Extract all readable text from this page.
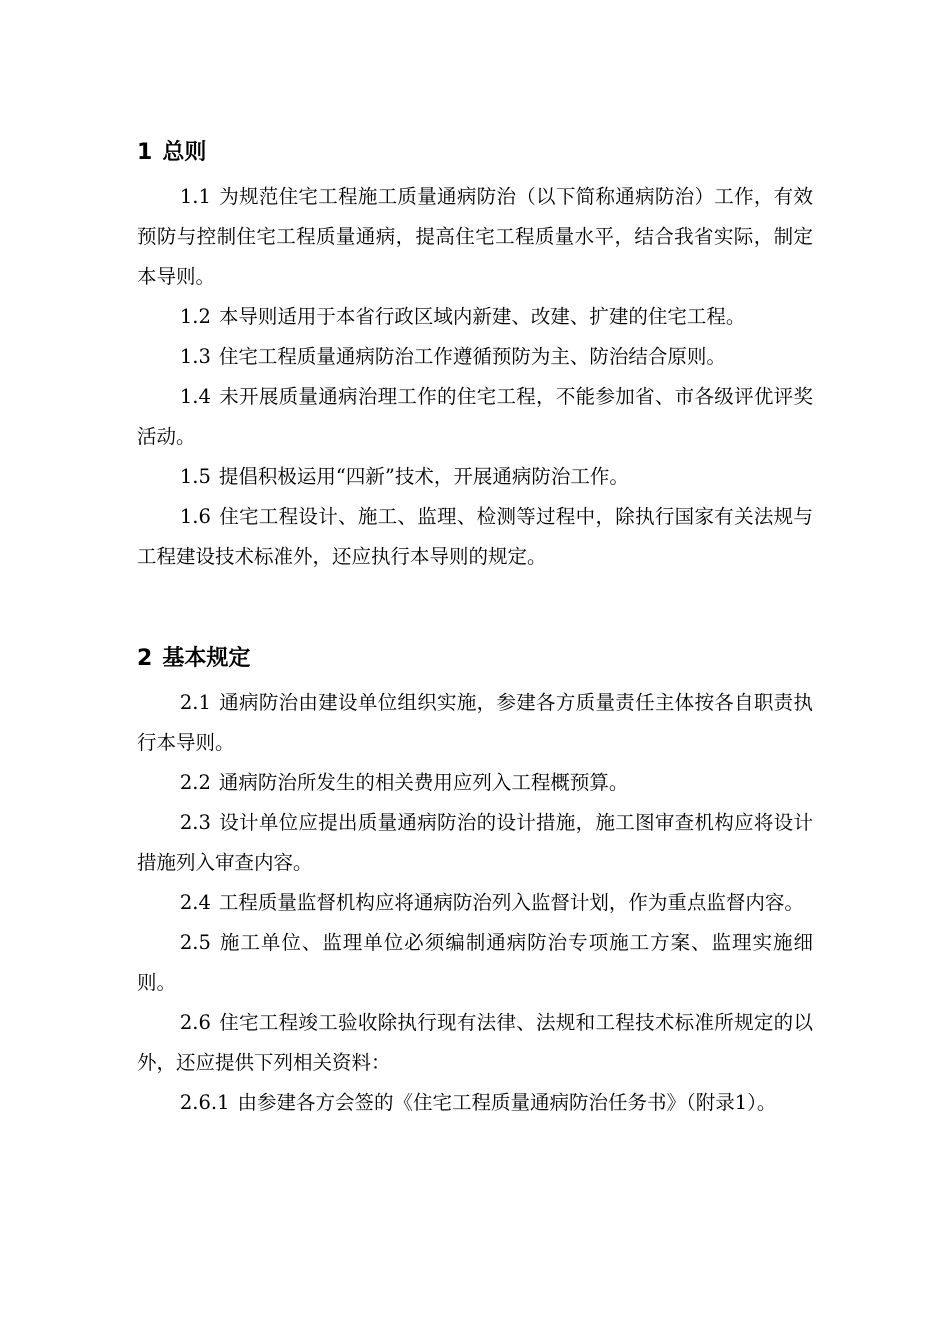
1 总则

1.1 为规范住宅工程施工质量通病防治（以下简称通病防治）工作，有效预防与控制住宅工程质量通病，提高住宅工程质量水平，结合我省实际，制定本导则。

1.2 本导则适用于本省行政区域内新建、改建、扩建的住宅工程。

1.3 住宅工程质量通病防治工作遵循预防为主、防治结合原则。

1.4 未开展质量通病治理工作的住宅工程，不能参加省、市各级评优评奖活动。

1.5 提倡积极运用“四新”技术，开展通病防治工作。

1.6 住宅工程设计、施工、监理、检测等过程中，除执行国家有关法规与工程建设技术标准外，还应执行本导则的规定。

2 基本规定

2.1 通病防治由建设单位组织实施，参建各方质量责任主体按各自职责执行本导则。

2.2 通病防治所发生的相关费用应列入工程概预算。

2.3 设计单位应提出质量通病防治的设计措施，施工图审查机构应将设计措施列入审查内容。

2.4 工程质量监督机构应将通病防治列入监督计划，作为重点监督内容。

2.5 施工单位、监理单位必须编制通病防治专项施工方案、监理实施细则。

2.6 住宅工程竣工验收除执行现有法律、法规和工程技术标准所规定的以外，还应提供下列相关资料：

2.6.1 由参建各方会签的《住宅工程质量通病防治任务书》（附录1）。
